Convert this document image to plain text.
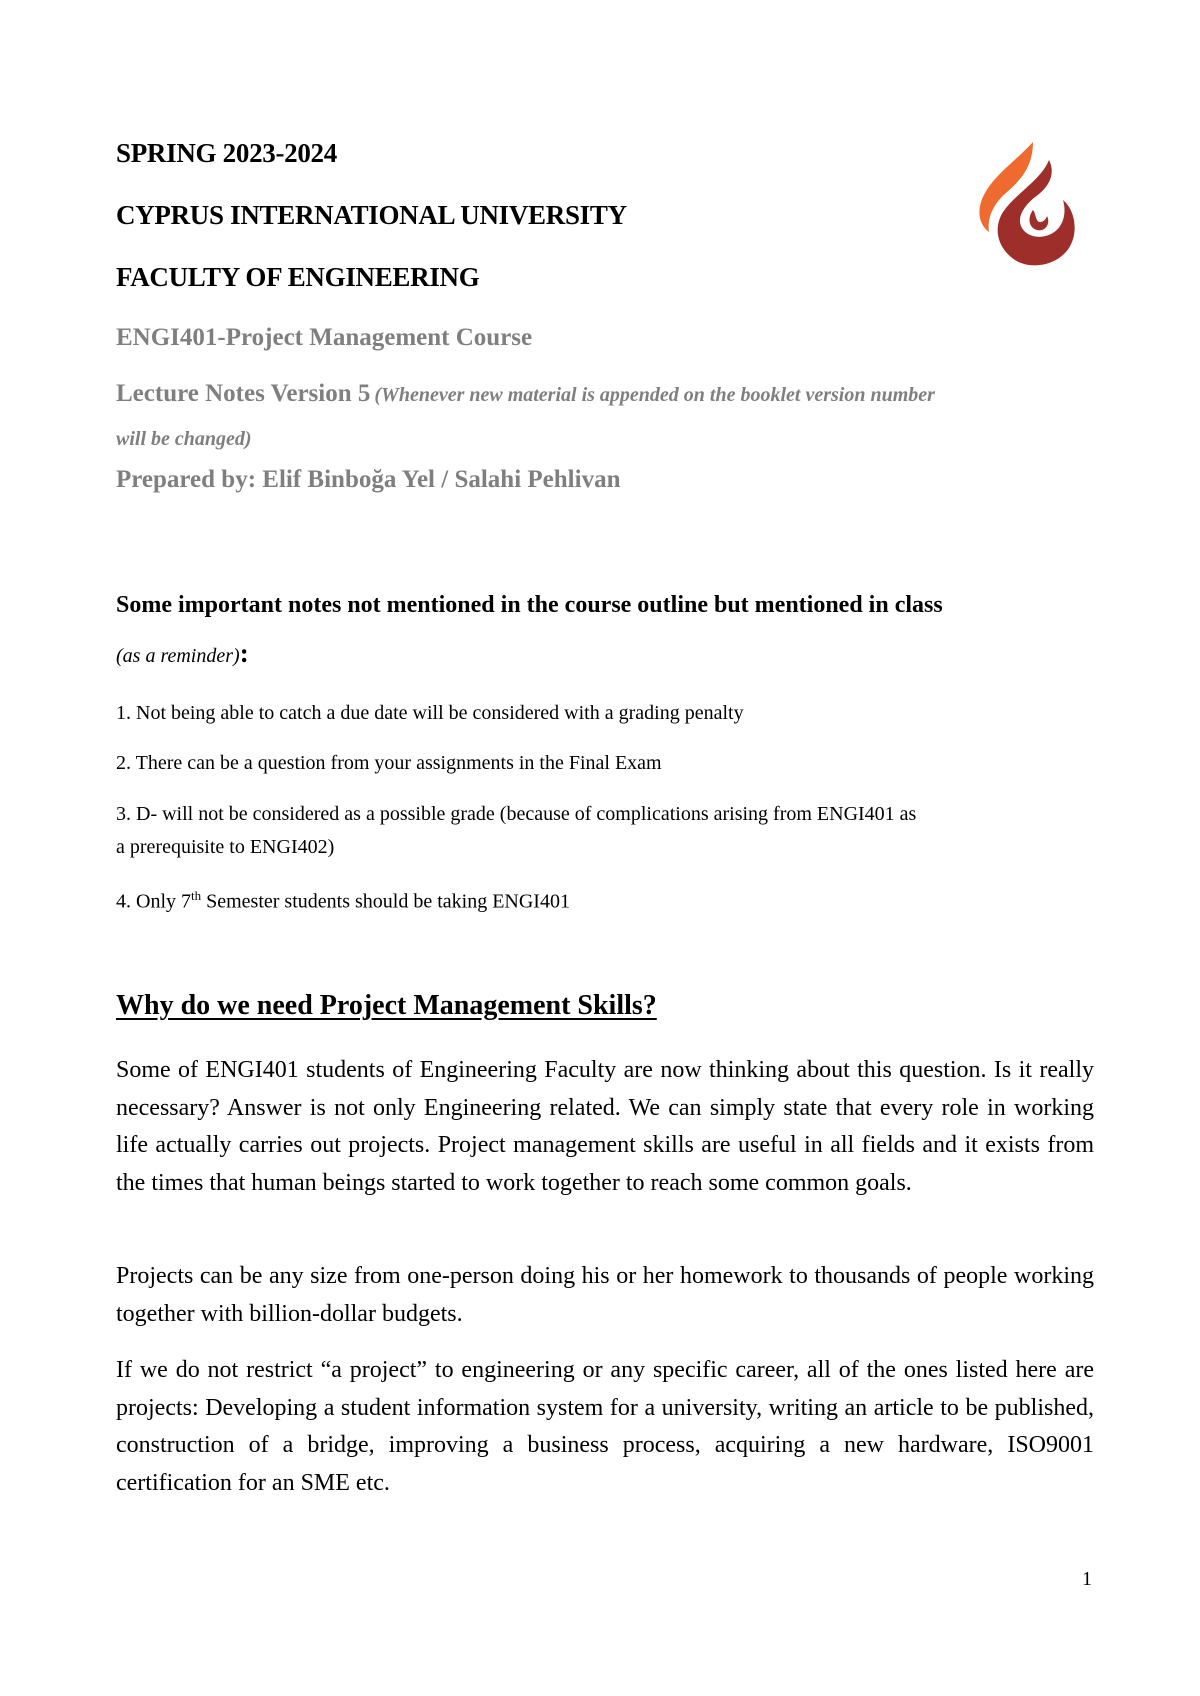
SPRING 2023-2024
CYPRUS INTERNATIONAL UNIVERSITY
FACULTY OF ENGINEERING
ENGI401-Project Management Course
Lecture Notes Version 5 (Whenever new material is appended on the booklet version number
will be changed)
Prepared by: Elif Binboğa Yel / Salahi Pehlivan
Some important notes not mentioned in the course outline but mentioned in class
(as a reminder):
1. Not being able to catch a due date will be considered with a grading penalty
2. There can be a question from your assignments in the Final Exam
3. D- will not be considered as a possible grade (because of complications arising from ENGI401 as
a prerequisite to ENGI402)
4. Only 7th Semester students should be taking ENGI401
Why do we need Project Management Skills?
Some of ENGI401 students of Engineering Faculty are now thinking about this question. Is it really necessary? Answer is not only Engineering related. We can simply state that every role in working life actually carries out projects. Project management skills are useful in all fields and it exists from the times that human beings started to work together to reach some common goals.
Projects can be any size from one-person doing his or her homework to thousands of people working together with billion-dollar budgets.
If we do not restrict “a project” to engineering or any specific career, all of the ones listed here are projects: Developing a student information system for a university, writing an article to be published, construction of a bridge, improving a business process, acquiring a new hardware, ISO9001 certification for an SME etc.
1
